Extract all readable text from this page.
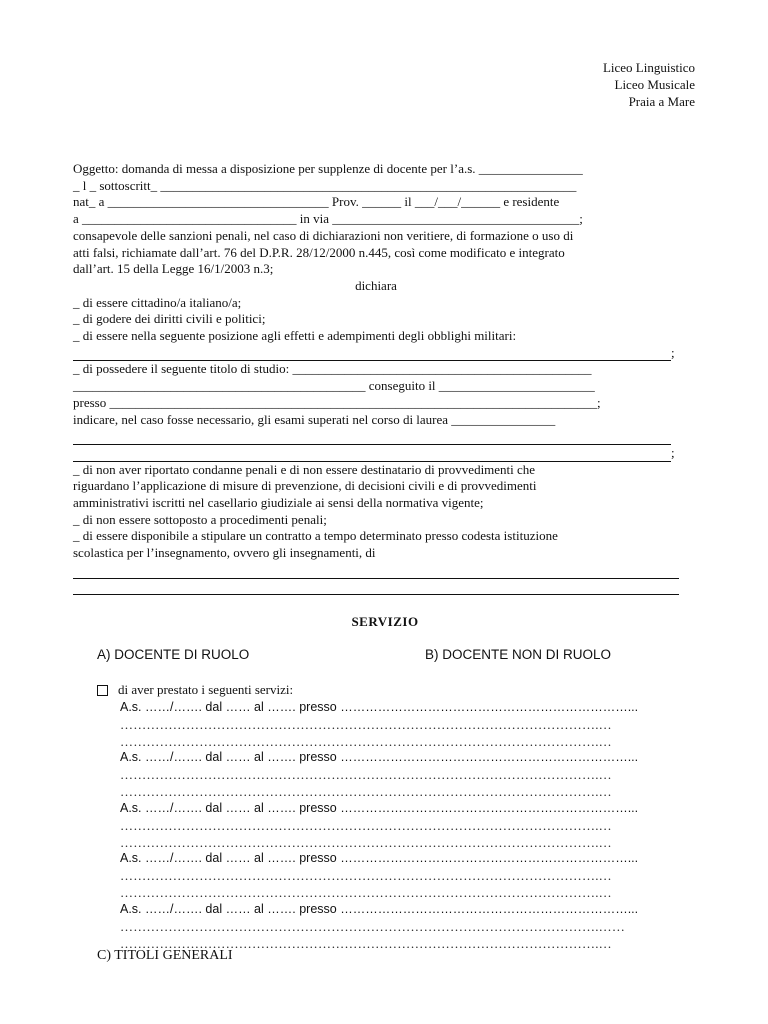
Liceo Linguistico
Liceo Musicale
Praia a Mare
Oggetto: domanda di messa a disposizione per supplenze di docente per l’a.s. ________________
_ l _ sottoscritt_ ________________________________________________________________
nat_ a __________________________________ Prov. ______ il ___/___/______ e residente
a _________________________________ in via ______________________________________;
consapevole delle sanzioni penali, nel caso di dichiarazioni non veritiere, di formazione o uso di
atti falsi, richiamate dall’art. 76 del D.P.R. 28/12/2000 n.445, così come modificato e integrato
dall’art. 15 della Legge 16/1/2003 n.3;
dichiara
_ di essere cittadino/a italiano/a;
_ di godere dei diritti civili e politici;
_ di essere nella seguente posizione agli effetti e adempimenti degli obblighi militari:
;
_ di possedere il seguente titolo di studio: ______________________________________________
_____________________________________________ conseguito il ________________________
presso ___________________________________________________________________________;
indicare, nel caso fosse necessario, gli esami superati nel corso di laurea ________________
;
_ di non aver riportato condanne penali e di non essere destinatario di provvedimenti che
riguardano l’applicazione di misure di prevenzione, di decisioni civili e di provvedimenti
amministrativi iscritti nel casellario giudiziale ai sensi della normativa vigente;
_ di non essere sottoposto a procedimenti penali;
_ di essere disponibile a stipulare un contratto a tempo determinato presso codesta istituzione
scolastica per l’insegnamento, ovvero gli insegnamenti, di
SERVIZIO
A) DOCENTE DI RUOLO	B) DOCENTE NON DI RUOLO
di aver prestato i seguenti servizi:
A.s. ……/……. dal …… al ……. presso ……………………………………………………………...
……………………………………………………………………………………………….…
……………………………………………………………………………………………….…
A.s. ……/……. dal …… al ……. presso ……………………………………………………………...
……………………………………………………………………………………………….…
……………………………………………………………………………………………….…
A.s. ……/……. dal …… al ……. presso ……………………………………………………………...
……………………………………………………………………………………………….…
……………………………………………………………………………………………….…
A.s. ……/……. dal …… al ……. presso ……………………………………………………………...
……………………………………………………………………………………………….…
……………………………………………………………………………………………….…
A.s. ……/……. dal …… al ……. presso ……………………………………………………………...
……………………………………………………………………………………………….……
……………………………………………………………………………………………….…
C) TITOLI GENERALI
